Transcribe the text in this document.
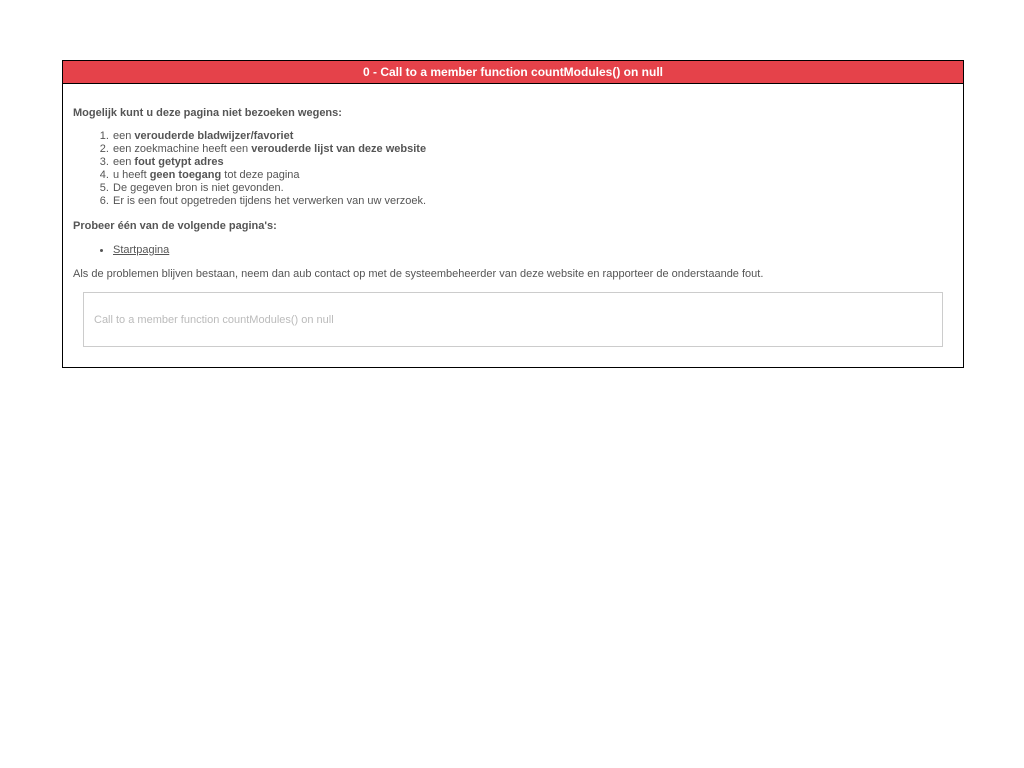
0 - Call to a member function countModules() on null

Mogelijk kunt u deze pagina niet bezoeken wegens:

1. een verouderde bladwijzer/favoriet
2. een zoekmachine heeft een verouderde lijst van deze website
3. een fout getypt adres
4. u heeft geen toegang tot deze pagina
5. De gegeven bron is niet gevonden.
6. Er is een fout opgetreden tijdens het verwerken van uw verzoek.

Probeer één van de volgende pagina's:

Startpagina

Als de problemen blijven bestaan, neem dan aub contact op met de systeembeheerder van deze website en rapporteer de onderstaande fout.

Call to a member function countModules() on null
